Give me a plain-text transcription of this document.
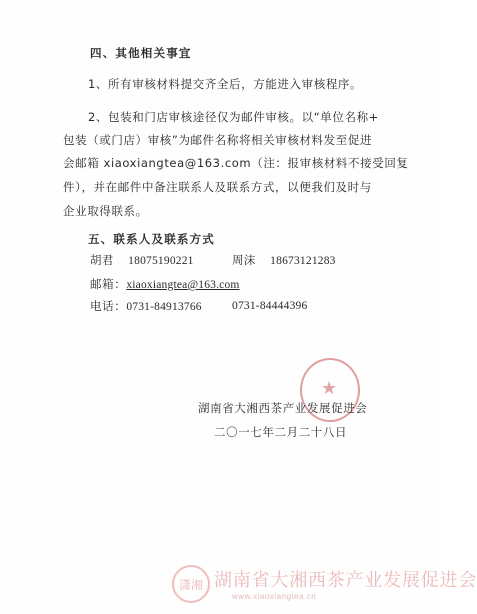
四、其他相关事宜
1、所有审核材料提交齐全后，方能进入审核程序。
2、包装和门店审核途径仅为邮件审核。以“单位名称+
包装（或门店）审核”为邮件名称将相关审核材料发至促进
会邮箱 xiaoxiangtea@163.com（注：报审核材料不接受回复
件），并在邮件中备注联系人及联系方式，以便我们及时与
企业取得联系。
五、联系人及联系方式
胡君　 18075190221	周沫　 18673121283
邮箱：xiaoxiangtea@163.com
电话：0731-84913766	0731-84444396
★
湖南省大湘西茶产业发展促进会
二〇一七年二月二十八日
潇湘 湖南省大湘西茶产业发展促进会
www.xiaoxiangtea.cn
